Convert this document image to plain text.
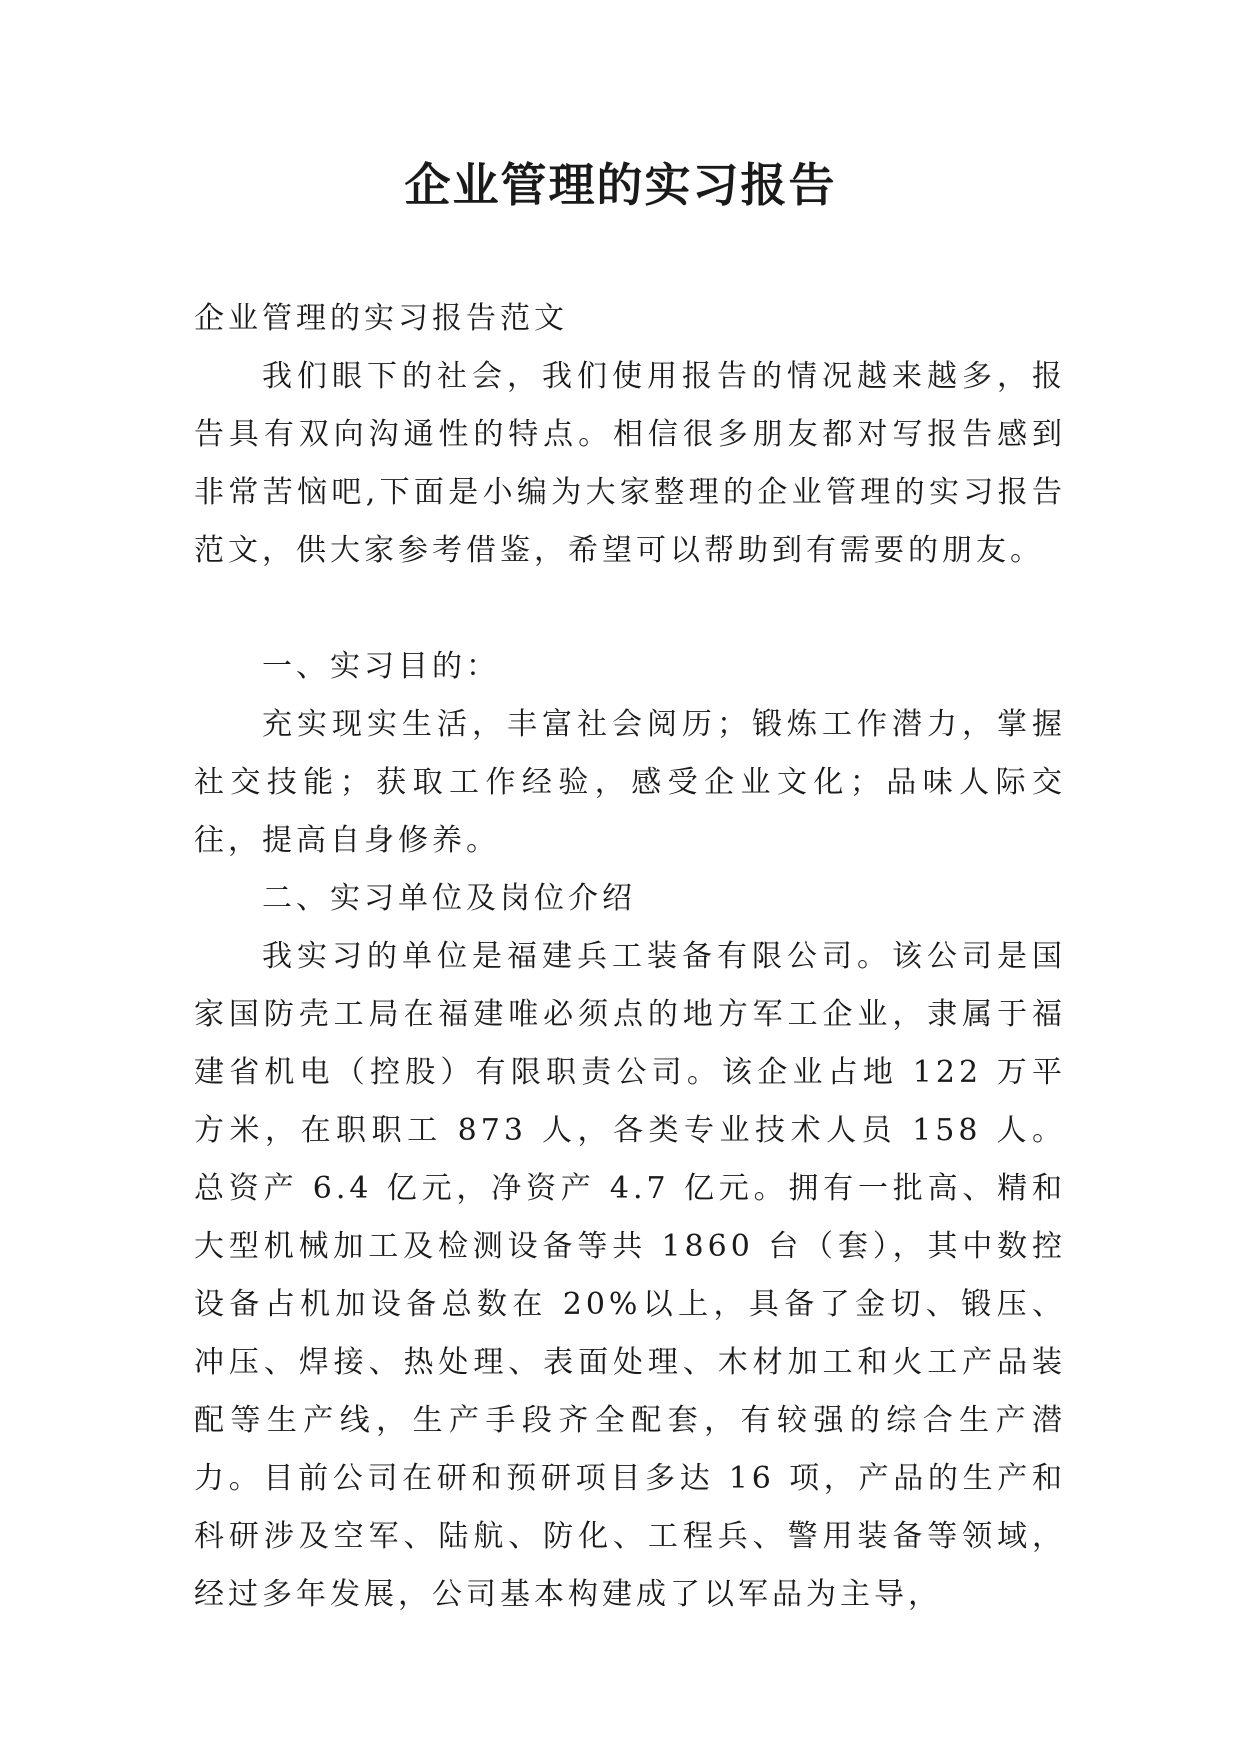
企业管理的实习报告

企业管理的实习报告范文

我们眼下的社会，我们使用报告的情况越来越多，报告具有双向沟通性的特点。相信很多朋友都对写报告感到非常苦恼吧,下面是小编为大家整理的企业管理的实习报告范文，供大家参考借鉴，希望可以帮助到有需要的朋友。

一、实习目的：

充实现实生活，丰富社会阅历；锻炼工作潜力，掌握社交技能；获取工作经验，感受企业文化；品味人际交往，提高自身修养。

二、实习单位及岗位介绍

我实习的单位是福建兵工装备有限公司。该公司是国家国防壳工局在福建唯必须点的地方军工企业，隶属于福建省机电（控股）有限职责公司。该企业占地 122 万平方米，在职职工 873 人，各类专业技术人员 158 人。总资产 6.4 亿元，净资产 4.7 亿元。拥有一批高、精和大型机械加工及检测设备等共 1860 台（套），其中数控设备占机加设备总数在 20%以上，具备了金切、锻压、冲压、焊接、热处理、表面处理、木材加工和火工产品装配等生产线，生产手段齐全配套，有较强的综合生产潜力。目前公司在研和预研项目多达 16 项，产品的生产和科研涉及空军、陆航、防化、工程兵、警用装备等领域，经过多年发展，公司基本构建成了以军品为主导，
